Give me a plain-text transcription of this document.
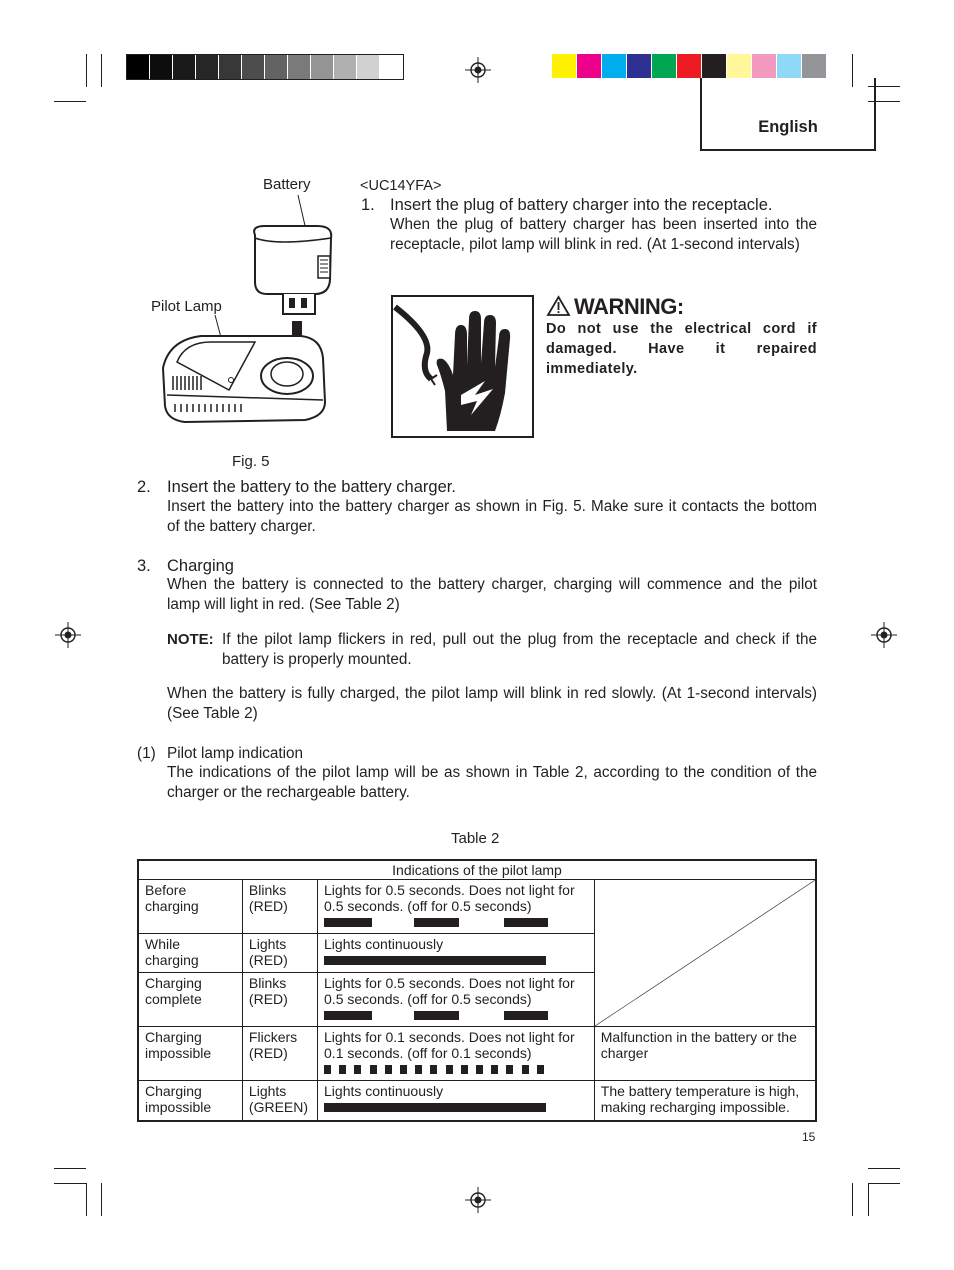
English
Battery
Pilot Lamp
Fig. 5
<UC14YFA>
1. Insert the plug of battery charger into the receptacle.
When the plug of battery charger has been inserted into the receptacle, pilot lamp will blink in red. (At 1-second intervals)
WARNING:
Do not use the electrical cord if damaged. Have it repaired immediately.
2. Insert the battery to the battery charger.
Insert the battery into the battery charger as shown in Fig. 5. Make sure it contacts the bottom of the battery charger.
3. Charging
When the battery is connected to the battery charger, charging will commence and the pilot lamp will light in red. (See Table 2)
NOTE: If the pilot lamp flickers in red, pull out the plug from the receptacle and check if the battery is properly mounted.
When the battery is fully charged, the pilot lamp will blink in red slowly. (At 1-second intervals) (See Table 2)
(1) Pilot lamp indication
The indications of the pilot lamp will be as shown in Table 2, according to the condition of the charger or the rechargeable battery.
Table 2
Indications of the pilot lamp			
Before charging	Blinks (RED)	Lights for 0.5 seconds. Does not light for 0.5 seconds. (off for 0.5 seconds)

While charging	Lights (RED)	Lights continuously	

Charging complete	Blinks (RED)	Lights for 0.5 seconds. Does not light for 0.5 seconds. (off for 0.5 seconds)	

Charging impossible	Flickers (RED)	Lights for 0.1 seconds. Does not light for 0.1 seconds. (off for 0.1 seconds)	Malfunction in the battery or the charger
Charging impossible	Lights (GREEN)	Lights continuously	The battery temperature is high, making recharging impossible.
15
